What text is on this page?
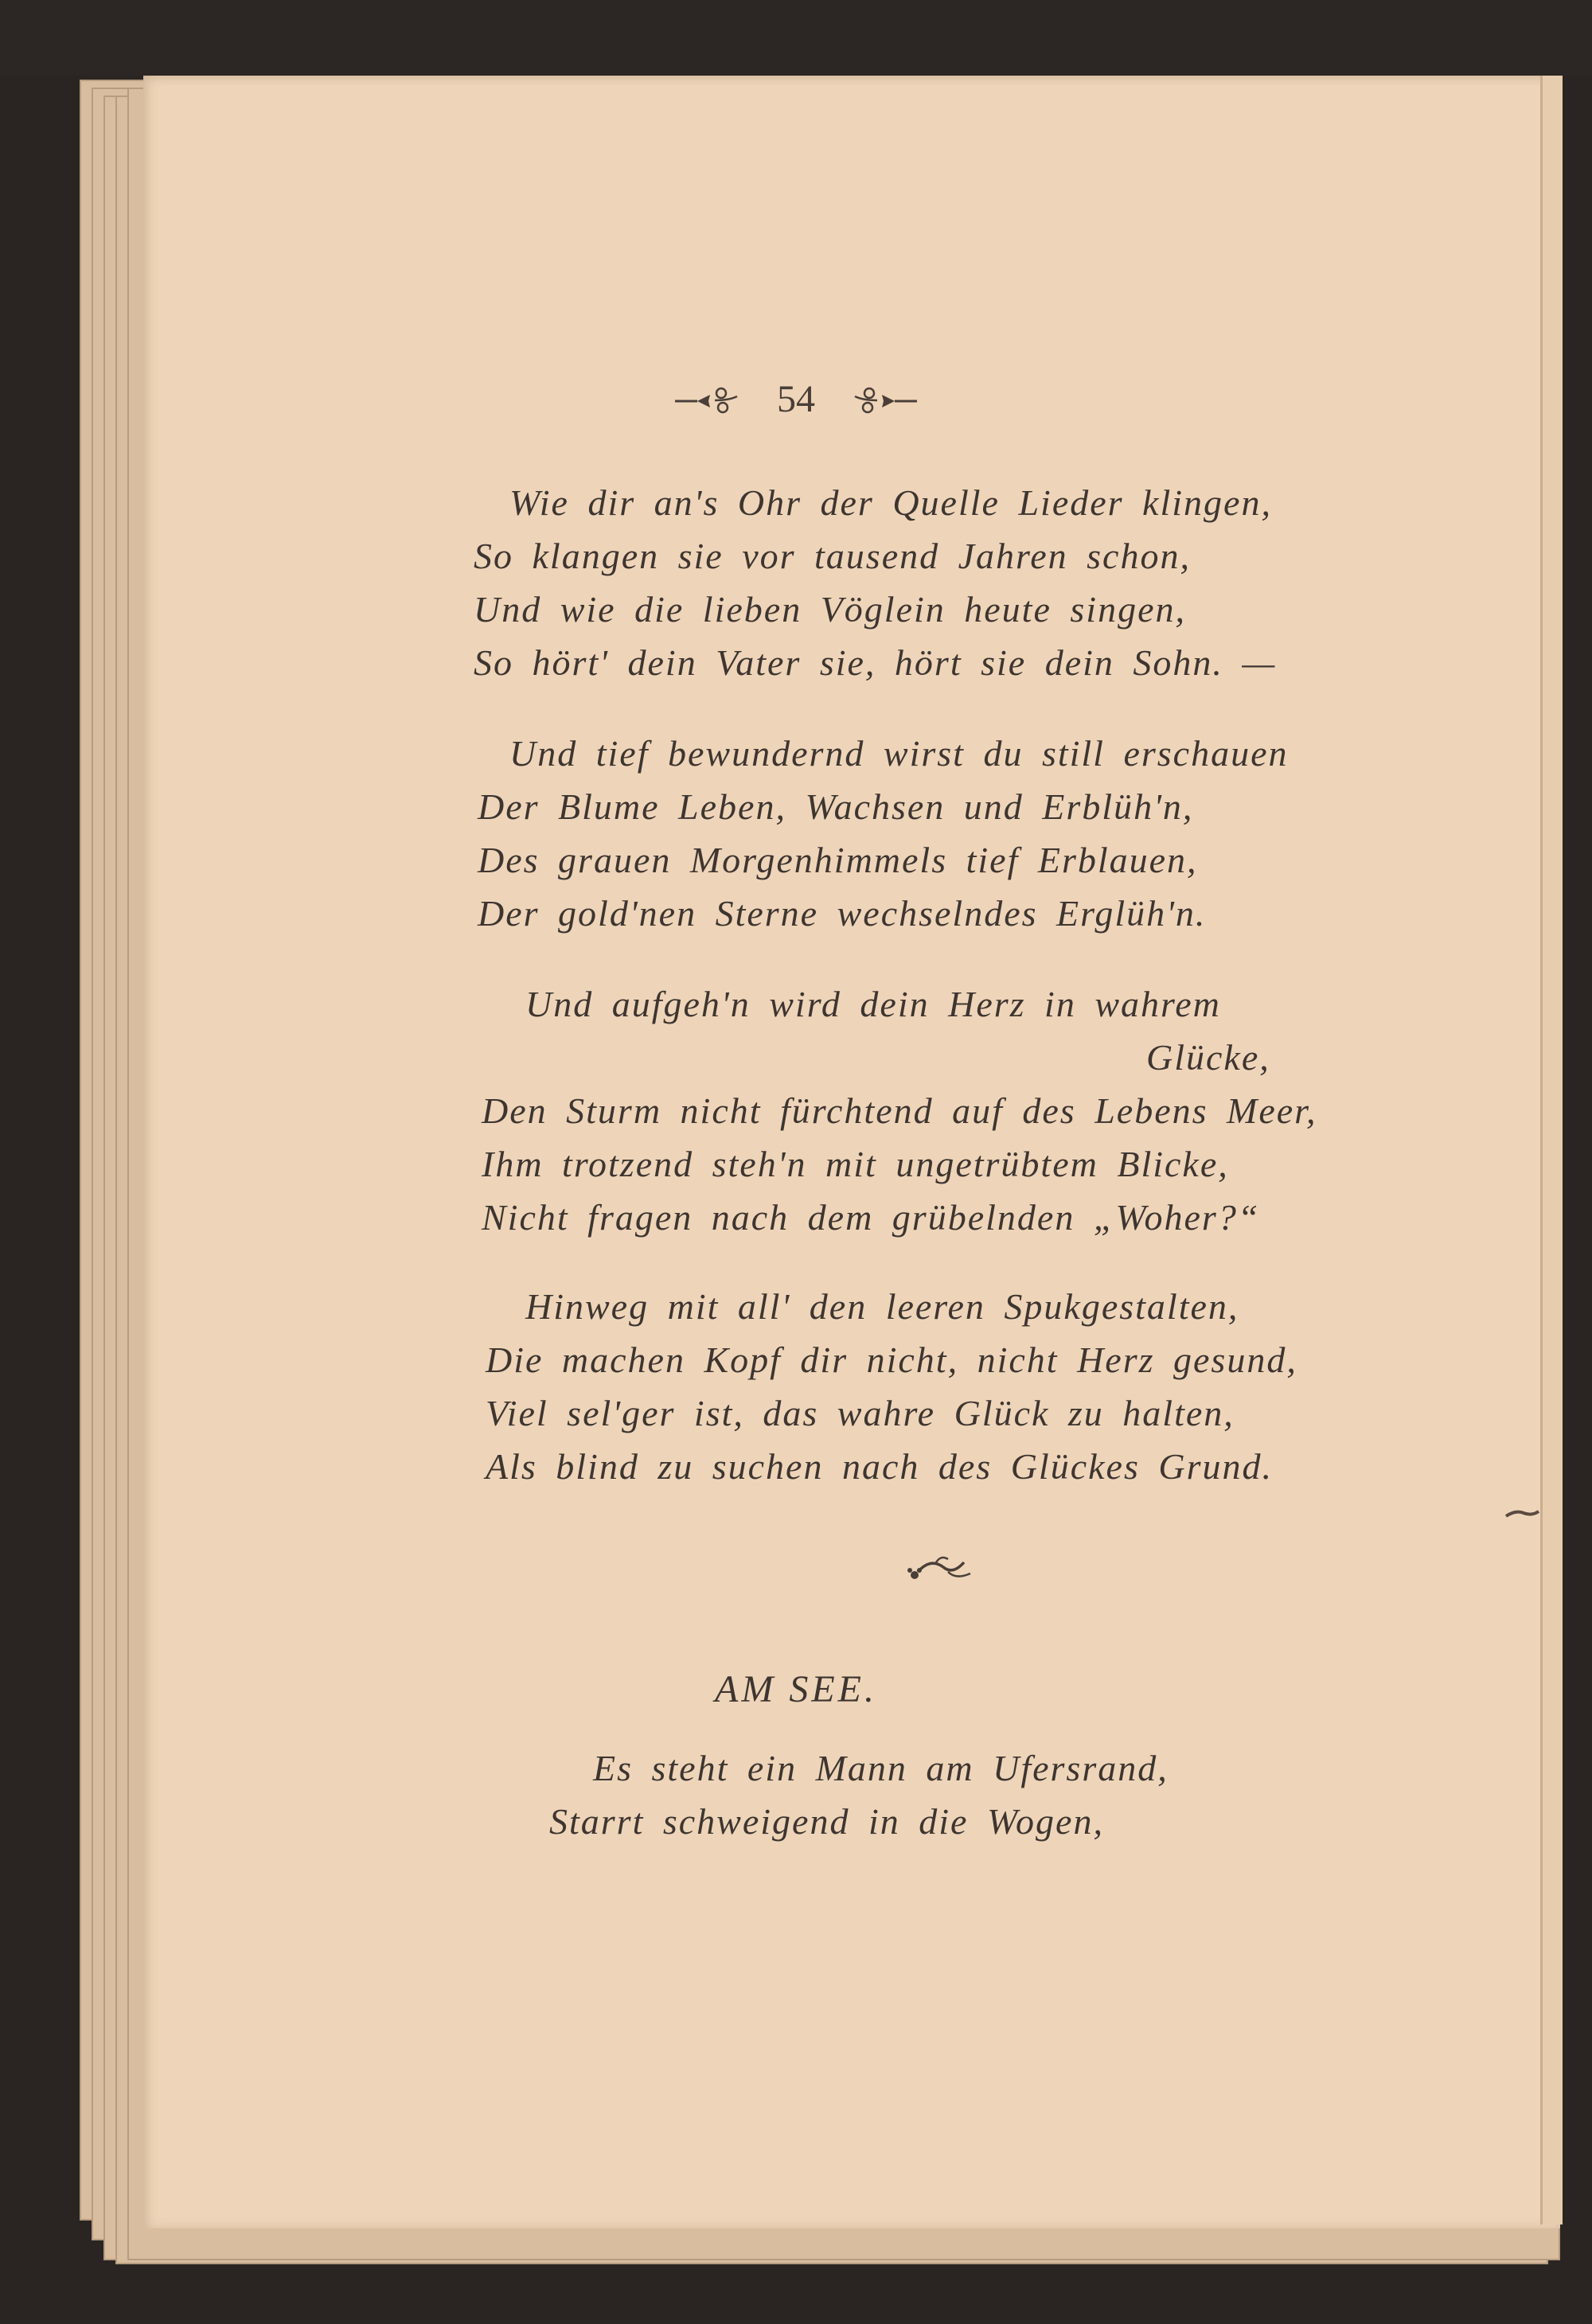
54
Wie dir an's Ohr der Quelle Lieder klingen,
So klangen sie vor tausend Jahren schon,
Und wie die lieben Vöglein heute singen,
So hört' dein Vater sie, hört sie dein Sohn. —
Und tief bewundernd wirst du still erschauen
Der Blume Leben, Wachsen und Erblüh'n,
Des grauen Morgenhimmels tief Erblauen,
Der gold'nen Sterne wechselndes Erglüh'n.
Und aufgeh'n wird dein Herz in wahrem
Glücke,
Den Sturm nicht fürchtend auf des Lebens Meer,
Ihm trotzend steh'n mit ungetrübtem Blicke,
Nicht fragen nach dem grübelnden „Woher?“
Hinweg mit all' den leeren Spukgestalten,
Die machen Kopf dir nicht, nicht Herz gesund,
Viel sel'ger ist, das wahre Glück zu halten,
Als blind zu suchen nach des Glückes Grund.
Es steht ein Mann am Ufersrand,
Starrt schweigend in die Wogen,
AM SEE.
